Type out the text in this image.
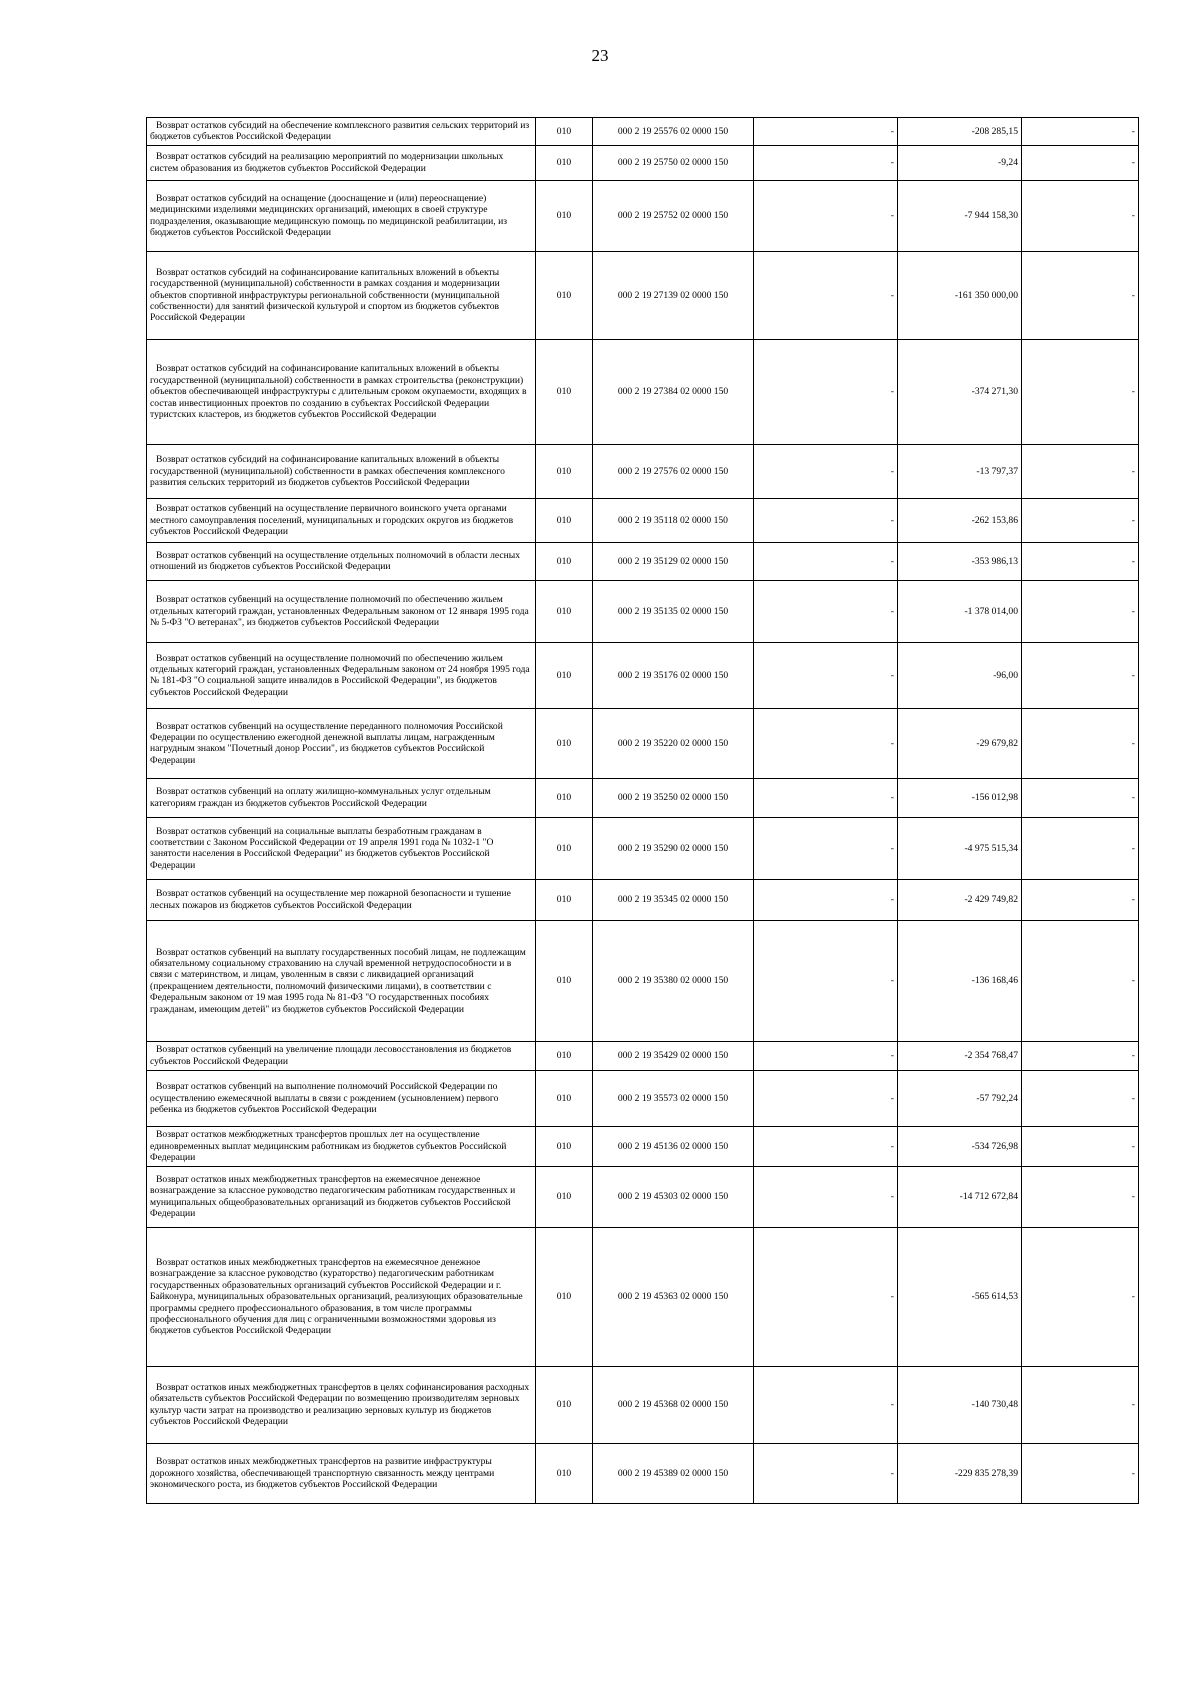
23
Возврат остатков субсидий на обеспечение комплексного развития сельских территорий из бюджетов субъектов Российской Федерации	010	000 2 19 25576 02 0000 150	-	-208 285,15	-
Возврат остатков субсидий на реализацию мероприятий по модернизации школьных систем образования из бюджетов субъектов Российской Федерации	010	000 2 19 25750 02 0000 150	-	-9,24	-
Возврат остатков субсидий на оснащение (дооснащение и (или) переоснащение) медицинскими изделиями медицинских организаций, имеющих в своей структуре подразделения, оказывающие медицинскую помощь по медицинской реабилитации, из бюджетов субъектов Российской Федерации	010	000 2 19 25752 02 0000 150	-	-7 944 158,30	-
Возврат остатков субсидий на софинансирование капитальных вложений в объекты государственной (муниципальной) собственности в рамках создания и модернизации объектов спортивной инфраструктуры региональной собственности (муниципальной собственности) для занятий физической культурой и спортом из бюджетов субъектов Российской Федерации	010	000 2 19 27139 02 0000 150	-	-161 350 000,00	-
Возврат остатков субсидий на софинансирование капитальных вложений в объекты государственной (муниципальной) собственности в рамках строительства (реконструкции) объектов обеспечивающей инфраструктуры с длительным сроком окупаемости, входящих в состав инвестиционных проектов по созданию в субъектах Российской Федерации туристских кластеров, из бюджетов субъектов Российской Федерации	010	000 2 19 27384 02 0000 150	-	-374 271,30	-
Возврат остатков субсидий на софинансирование капитальных вложений в объекты государственной (муниципальной) собственности в рамках обеспечения комплексного развития сельских территорий из бюджетов субъектов Российской Федерации	010	000 2 19 27576 02 0000 150	-	-13 797,37	-
Возврат остатков субвенций на осуществление первичного воинского учета органами местного самоуправления поселений, муниципальных и городских округов из бюджетов субъектов Российской Федерации	010	000 2 19 35118 02 0000 150	-	-262 153,86	-
Возврат остатков субвенций на осуществление отдельных полномочий в области лесных отношений из бюджетов субъектов Российской Федерации	010	000 2 19 35129 02 0000 150	-	-353 986,13	-
Возврат остатков субвенций на осуществление полномочий по обеспечению жильем отдельных категорий граждан, установленных Федеральным законом от 12 января 1995 года № 5-ФЗ "О ветеранах", из бюджетов субъектов Российской Федерации	010	000 2 19 35135 02 0000 150	-	-1 378 014,00	-
Возврат остатков субвенций на осуществление полномочий по обеспечению жильем отдельных категорий граждан, установленных Федеральным законом от 24 ноября 1995 года № 181-ФЗ "О социальной защите инвалидов в Российской Федерации", из бюджетов субъектов Российской Федерации	010	000 2 19 35176 02 0000 150	-	-96,00	-
Возврат остатков субвенций на осуществление переданного полномочия Российской Федерации по осуществлению ежегодной денежной выплаты лицам, награжденным нагрудным знаком "Почетный донор России", из бюджетов субъектов Российской Федерации	010	000 2 19 35220 02 0000 150	-	-29 679,82	-
Возврат остатков субвенций на оплату жилищно-коммунальных услуг отдельным категориям граждан из бюджетов субъектов Российской Федерации	010	000 2 19 35250 02 0000 150	-	-156 012,98	-
Возврат остатков субвенций на социальные выплаты безработным гражданам в соответствии с Законом Российской Федерации от 19 апреля 1991 года № 1032-1 "О занятости населения в Российской Федерации" из бюджетов субъектов Российской Федерации	010	000 2 19 35290 02 0000 150	-	-4 975 515,34	-
Возврат остатков субвенций на осуществление мер пожарной безопасности и тушение лесных пожаров из бюджетов субъектов Российской Федерации	010	000 2 19 35345 02 0000 150	-	-2 429 749,82	-
Возврат остатков субвенций на выплату государственных пособий лицам, не подлежащим обязательному социальному страхованию на случай временной нетрудоспособности и в связи с материнством, и лицам, уволенным в связи с ликвидацией организаций (прекращением деятельности, полномочий физическими лицами), в соответствии с Федеральным законом от 19 мая 1995 года № 81-ФЗ "О государственных пособиях гражданам, имеющим детей" из бюджетов субъектов Российской Федерации	010	000 2 19 35380 02 0000 150	-	-136 168,46	-
Возврат остатков субвенций на увеличение площади лесовосстановления из бюджетов субъектов Российской Федерации	010	000 2 19 35429 02 0000 150	-	-2 354 768,47	-
Возврат остатков субвенций на выполнение полномочий Российской Федерации по осуществлению ежемесячной выплаты в связи с рождением (усыновлением) первого ребенка из бюджетов субъектов Российской Федерации	010	000 2 19 35573 02 0000 150	-	-57 792,24	-
Возврат остатков межбюджетных трансфертов прошлых лет на осуществление единовременных выплат медицинским работникам из бюджетов субъектов Российской Федерации	010	000 2 19 45136 02 0000 150	-	-534 726,98	-
Возврат остатков иных межбюджетных трансфертов на ежемесячное денежное вознаграждение за классное руководство педагогическим работникам государственных и муниципальных общеобразовательных организаций из бюджетов субъектов Российской Федерации	010	000 2 19 45303 02 0000 150	-	-14 712 672,84	-
Возврат остатков иных межбюджетных трансфертов на ежемесячное денежное вознаграждение за классное руководство (кураторство) педагогическим работникам государственных образовательных организаций субъектов Российской Федерации и г. Байконура, муниципальных образовательных организаций, реализующих образовательные программы среднего профессионального образования, в том числе программы профессионального обучения для лиц с ограниченными возможностями здоровья из бюджетов субъектов Российской Федерации	010	000 2 19 45363 02 0000 150	-	-565 614,53	-
Возврат остатков иных межбюджетных трансфертов в целях софинансирования расходных обязательств субъектов Российской Федерации по возмещению производителям зерновых культур части затрат на производство и реализацию зерновых культур из бюджетов субъектов Российской Федерации	010	000 2 19 45368 02 0000 150	-	-140 730,48	-
Возврат остатков иных межбюджетных трансфертов на развитие инфраструктуры дорожного хозяйства, обеспечивающей транспортную связанность между центрами экономического роста, из бюджетов субъектов Российской Федерации	010	000 2 19 45389 02 0000 150	-	-229 835 278,39	-
